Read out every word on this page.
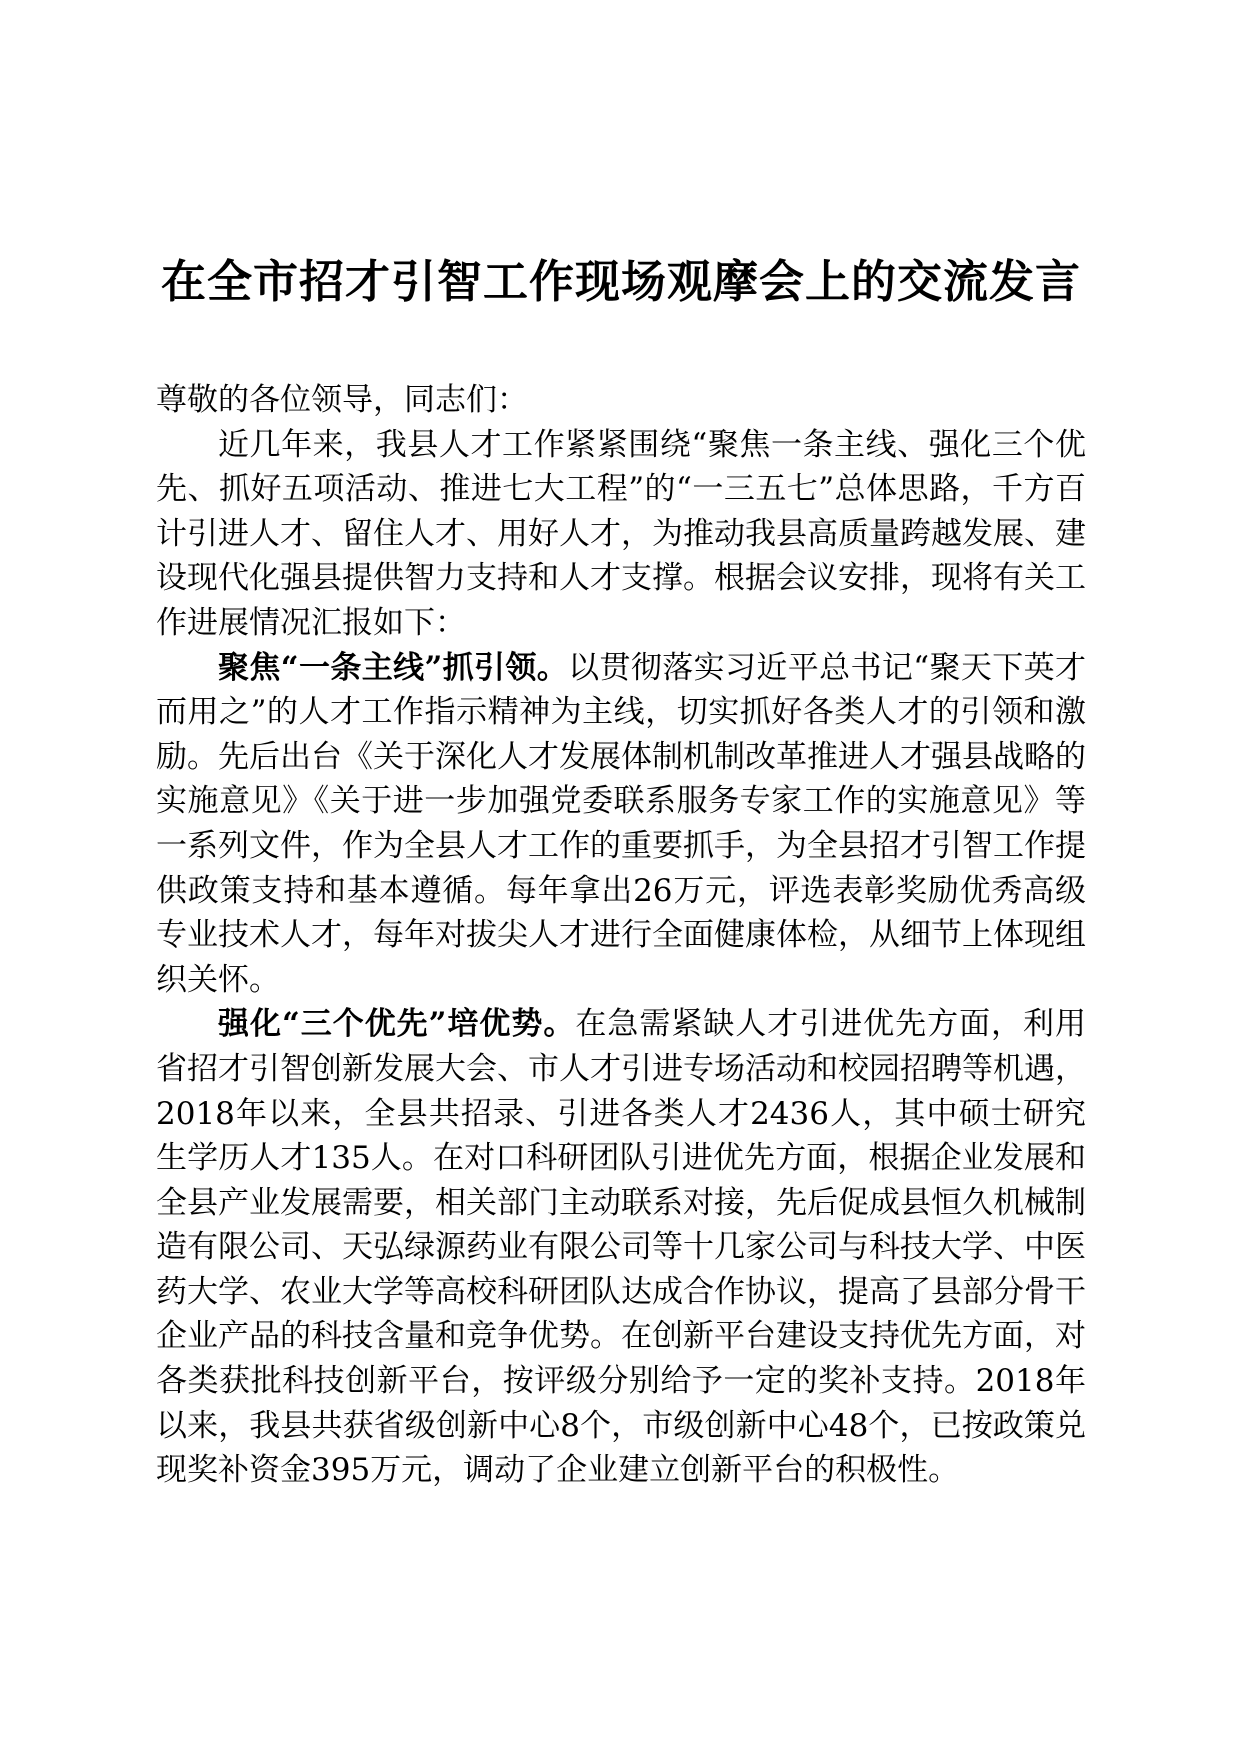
在全市招才引智工作现场观摩会上的交流发言

尊敬的各位领导，同志们：

近几年来，我县人才工作紧紧围绕“聚焦一条主线、强化三个优先、抓好五项活动、推进七大工程”的“一三五七”总体思路，千方百计引进人才、留住人才、用好人才，为推动我县高质量跨越发展、建设现代化强县提供智力支持和人才支撑。根据会议安排，现将有关工作进展情况汇报如下：

聚焦“一条主线”抓引领。以贯彻落实习近平总书记“聚天下英才而用之”的人才工作指示精神为主线，切实抓好各类人才的引领和激励。先后出台《关于深化人才发展体制机制改革推进人才强县战略的实施意见》《关于进一步加强党委联系服务专家工作的实施意见》等一系列文件，作为全县人才工作的重要抓手，为全县招才引智工作提供政策支持和基本遵循。每年拿出26万元，评选表彰奖励优秀高级专业技术人才，每年对拔尖人才进行全面健康体检，从细节上体现组织关怀。

强化“三个优先”培优势。在急需紧缺人才引进优先方面，利用省招才引智创新发展大会、市人才引进专场活动和校园招聘等机遇，2018年以来，全县共招录、引进各类人才2436人，其中硕士研究生学历人才135人。在对口科研团队引进优先方面，根据企业发展和全县产业发展需要，相关部门主动联系对接，先后促成县恒久机械制造有限公司、天弘绿源药业有限公司等十几家公司与科技大学、中医药大学、农业大学等高校科研团队达成合作协议，提高了县部分骨干企业产品的科技含量和竞争优势。在创新平台建设支持优先方面，对各类获批科技创新平台，按评级分别给予一定的奖补支持。2018年以来，我县共获省级创新中心8个，市级创新中心48个，已按政策兑现奖补资金395万元，调动了企业建立创新平台的积极性。
